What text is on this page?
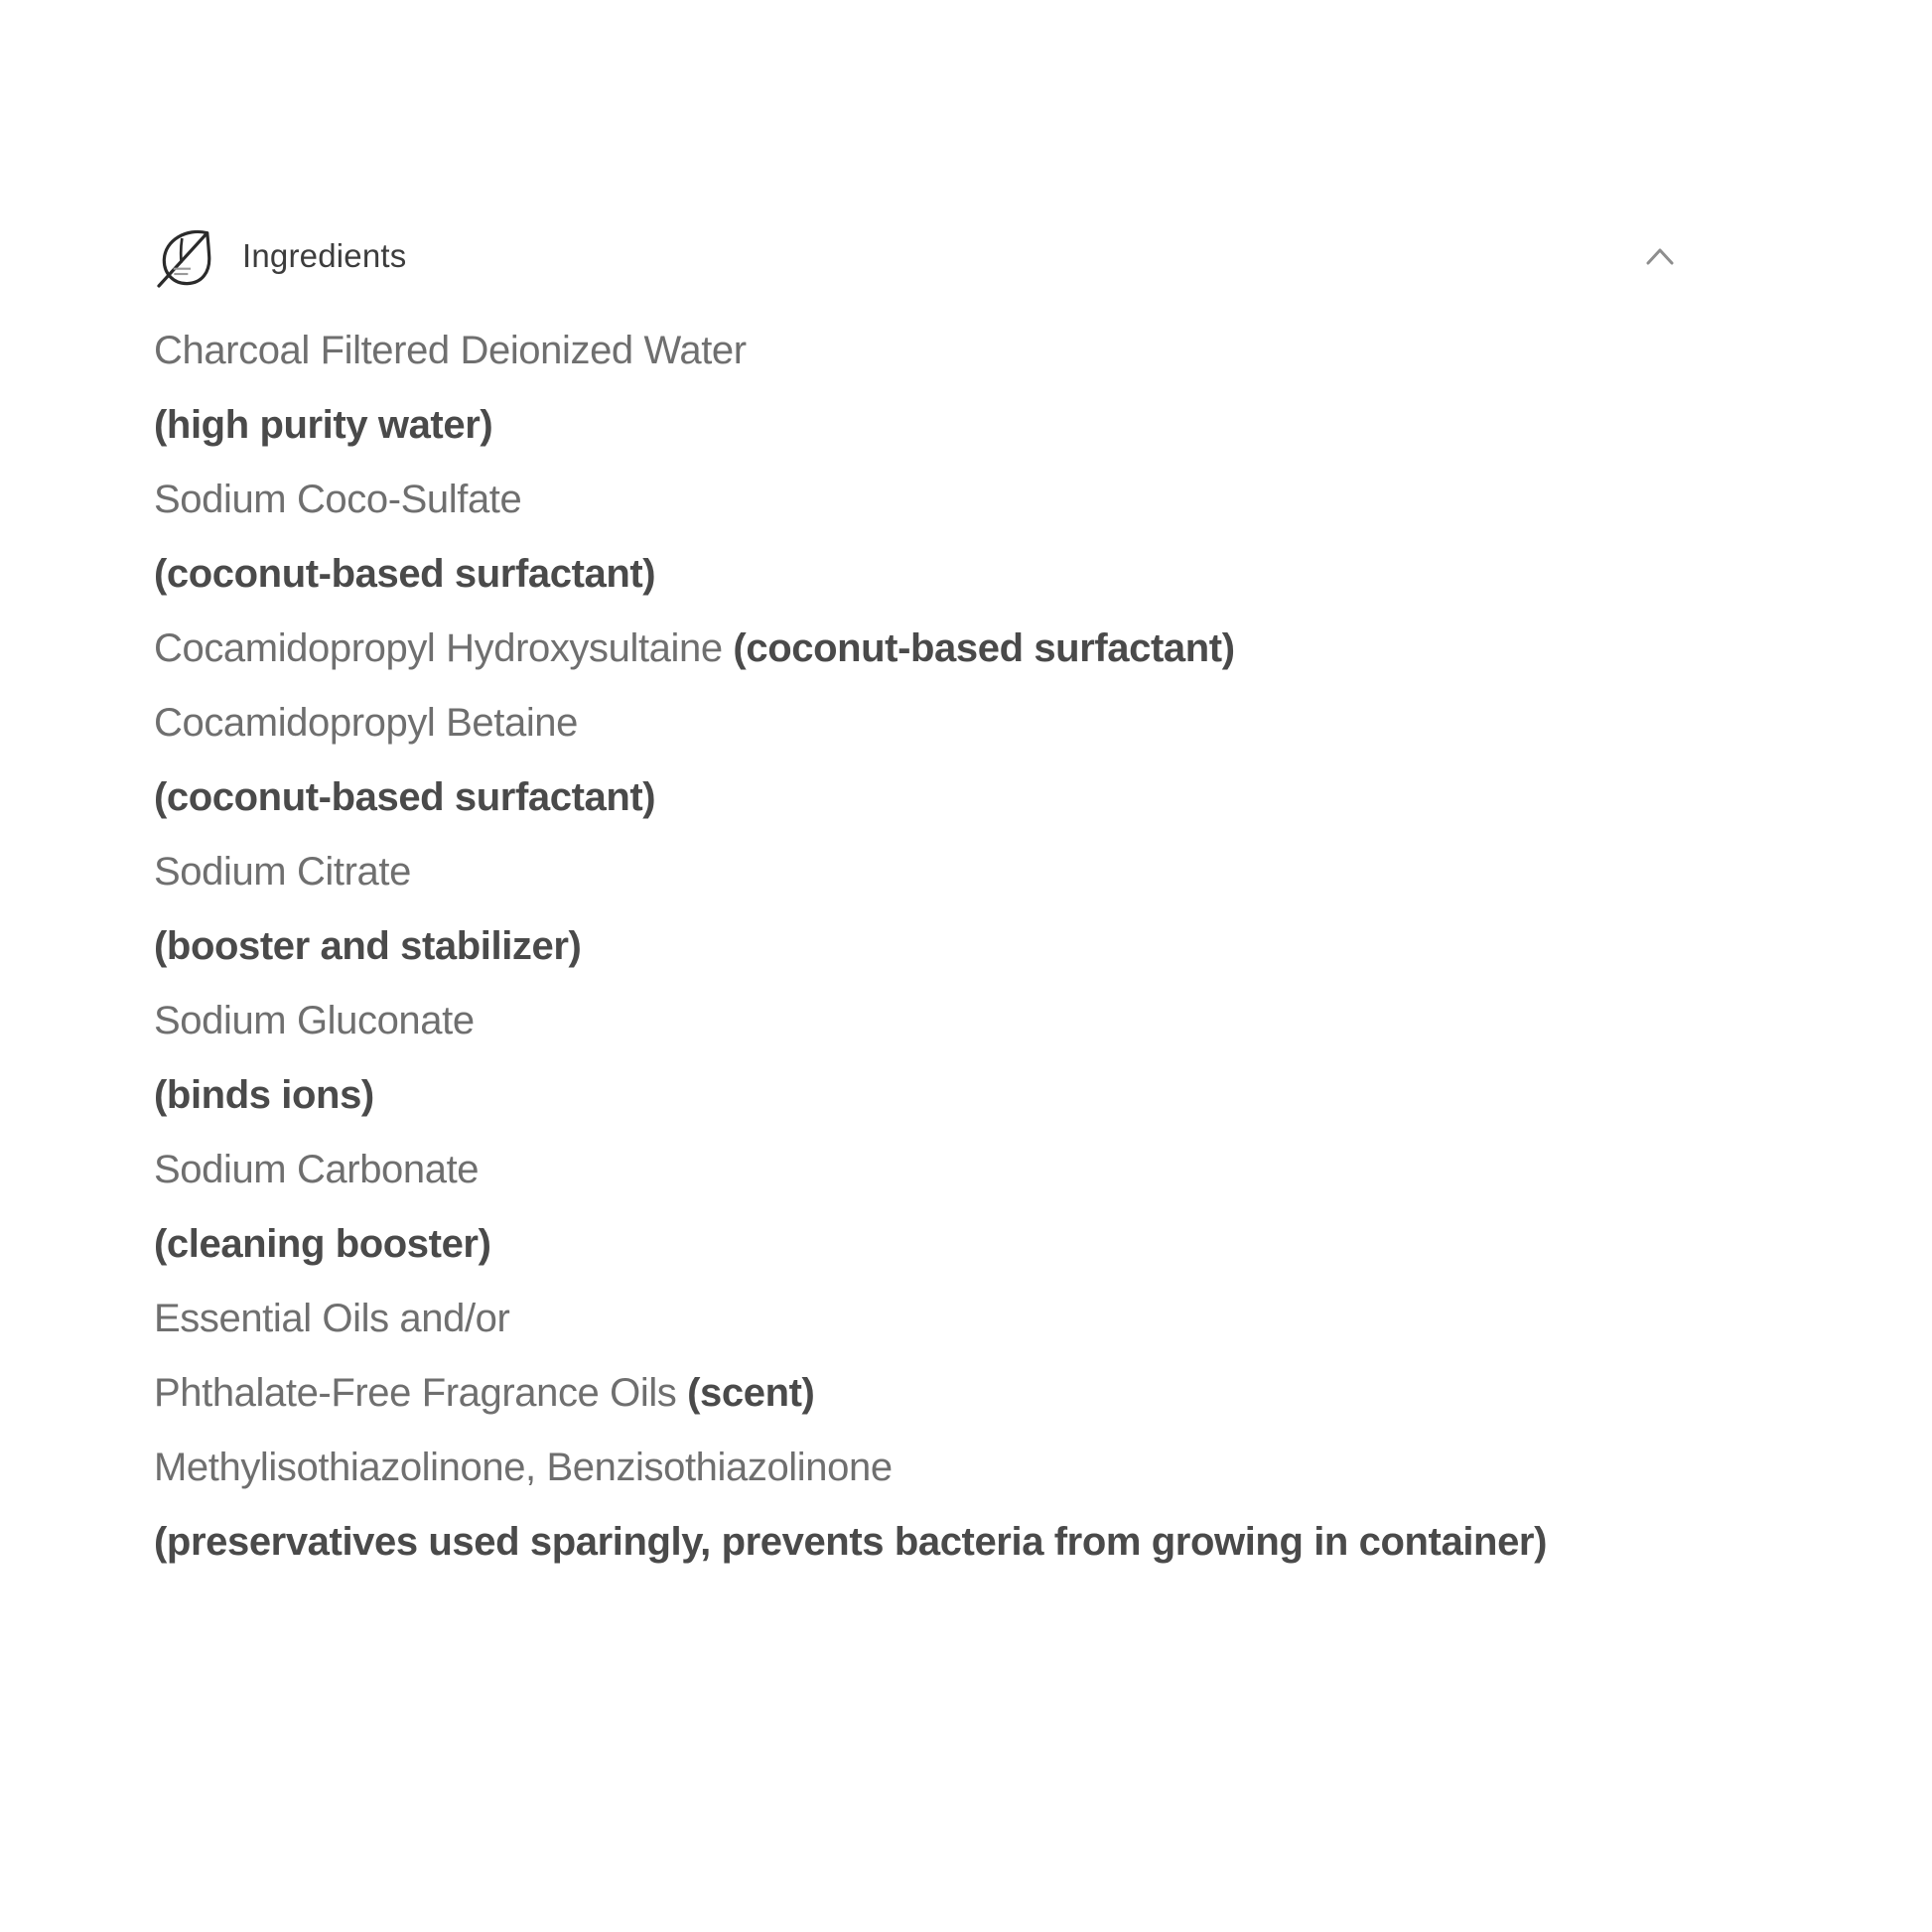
Ingredients
Charcoal Filtered Deionized Water
(high purity water)
Sodium Coco-Sulfate
(coconut-based surfactant)
Cocamidopropyl Hydroxysultaine (coconut-based surfactant)
Cocamidopropyl Betaine
(coconut-based surfactant)
Sodium Citrate
(booster and stabilizer)
Sodium Gluconate
(binds ions)
Sodium Carbonate
(cleaning booster)
Essential Oils and/or
Phthalate-Free Fragrance Oils (scent)
Methylisothiazolinone, Benzisothiazolinone
(preservatives used sparingly, prevents bacteria from growing in container)
